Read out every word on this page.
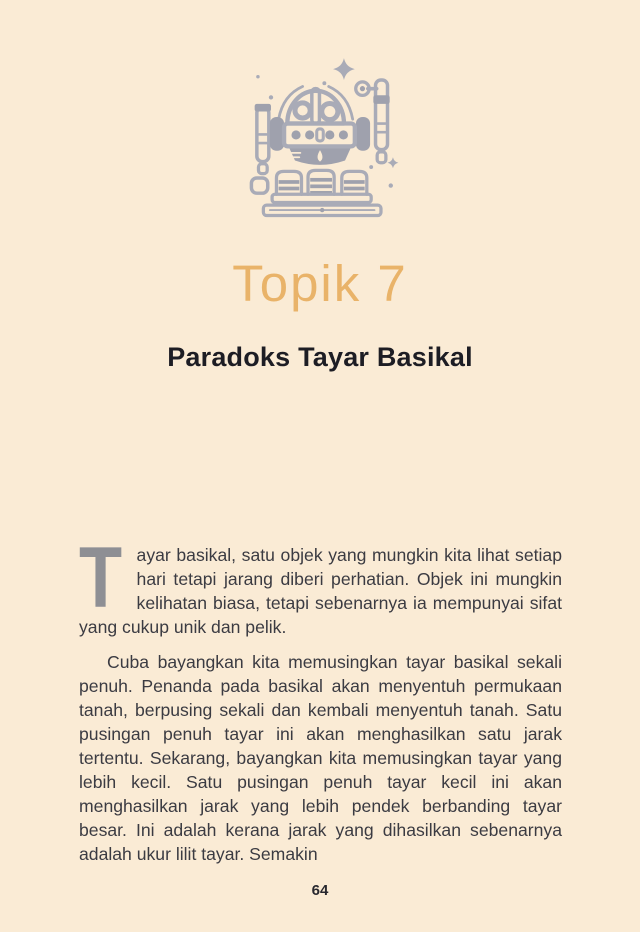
Topik 7
Paradoks Tayar Basikal

T ayar basikal, satu objek yang mungkin kita lihat setiap hari tetapi jarang diberi perhatian. Objek ini mungkin kelihatan biasa, tetapi sebenarnya ia mempunyai sifat yang cukup unik dan pelik.

Cuba bayangkan kita memusingkan tayar basikal sekali penuh. Penanda pada basikal akan menyentuh permukaan tanah, berpusing sekali dan kembali menyentuh tanah. Satu pusingan penuh tayar ini akan menghasilkan satu jarak tertentu. Sekarang, bayangkan kita memusingkan tayar yang lebih kecil. Satu pusingan penuh tayar kecil ini akan menghasilkan jarak yang lebih pendek berbanding tayar besar. Ini adalah kerana jarak yang dihasilkan sebenarnya adalah ukur lilit tayar. Semakin

64
